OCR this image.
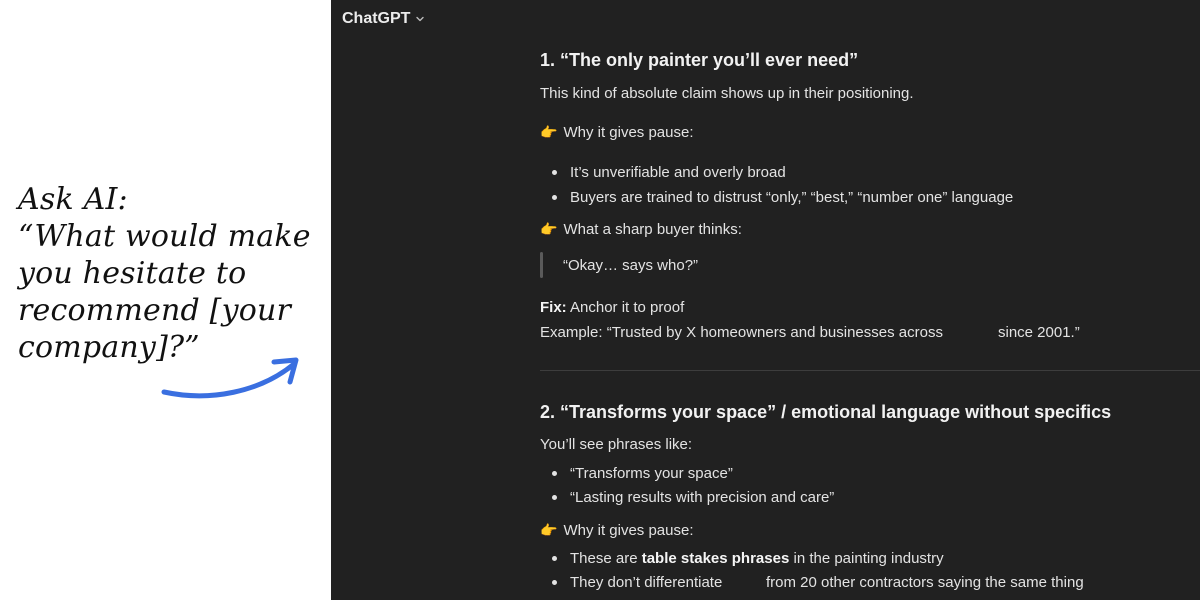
Ask AI:
“What would make
you hesitate to
recommend [your
company]?”
ChatGPT
1. “The only painter you’ll ever need”
This kind of absolute claim shows up in their positioning.
👉 Why it gives pause:
It’s unverifiable and overly broad
Buyers are trained to distrust “only,” “best,” “number one” language
👉 What a sharp buyer thinks:
“Okay… says who?”
Fix: Anchor it to proof
Example: “Trusted by X homeowners and businesses across	since 2001.”
2. “Transforms your space” / emotional language without specifics
You’ll see phrases like:
“Transforms your space”
“Lasting results with precision and care”
👉 Why it gives pause:
These are table stakes phrases in the painting industry
They don’t differentiate	from 20 other contractors saying the same thing
